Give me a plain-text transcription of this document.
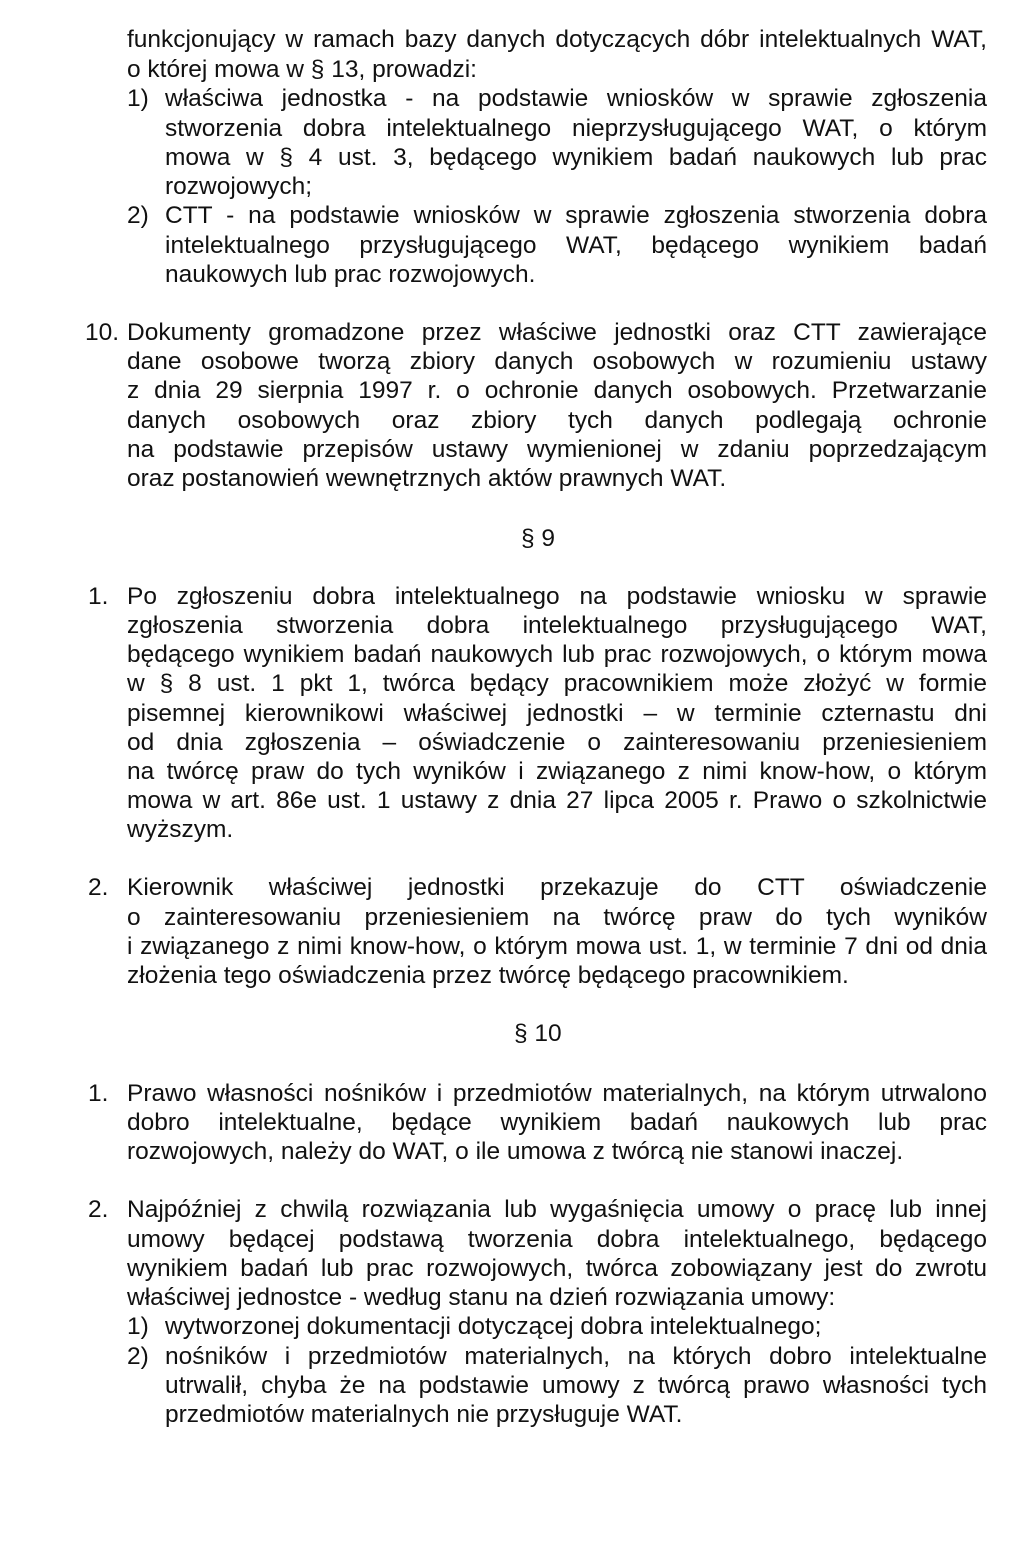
funkcjonujący w ramach bazy danych dotyczących dóbr intelektualnych WAT,
o której mowa w § 13, prowadzi:
1) właściwa jednostka - na podstawie wniosków w sprawie zgłoszenia
stworzenia dobra intelektualnego nieprzysługującego WAT, o którym
mowa w § 4 ust. 3, będącego wynikiem badań naukowych lub prac
rozwojowych;
2) CTT - na podstawie wniosków w sprawie zgłoszenia stworzenia dobra
intelektualnego przysługującego WAT, będącego wynikiem badań
naukowych lub prac rozwojowych.
10. Dokumenty gromadzone przez właściwe jednostki oraz CTT zawierające
dane osobowe tworzą zbiory danych osobowych w rozumieniu ustawy
z dnia 29 sierpnia 1997 r. o ochronie danych osobowych. Przetwarzanie
danych osobowych oraz zbiory tych danych podlegają ochronie
na podstawie przepisów ustawy wymienionej w zdaniu poprzedzającym
oraz postanowień wewnętrznych aktów prawnych WAT.
§ 9
1. Po zgłoszeniu dobra intelektualnego na podstawie wniosku w sprawie
zgłoszenia stworzenia dobra intelektualnego przysługującego WAT,
będącego wynikiem badań naukowych lub prac rozwojowych, o którym mowa
w § 8 ust. 1 pkt 1, twórca będący pracownikiem może złożyć w formie
pisemnej kierownikowi właściwej jednostki – w terminie czternastu dni
od dnia zgłoszenia – oświadczenie o zainteresowaniu przeniesieniem
na twórcę praw do tych wyników i związanego z nimi know-how, o którym
mowa w art. 86e ust. 1 ustawy z dnia 27 lipca 2005 r. Prawo o szkolnictwie
wyższym.
2. Kierownik właściwej jednostki przekazuje do CTT oświadczenie
o zainteresowaniu przeniesieniem na twórcę praw do tych wyników
i związanego z nimi know-how, o którym mowa ust. 1, w terminie 7 dni od dnia
złożenia tego oświadczenia przez twórcę będącego pracownikiem.
§ 10
1. Prawo własności nośników i przedmiotów materialnych, na którym utrwalono
dobro intelektualne, będące wynikiem badań naukowych lub prac
rozwojowych, należy do WAT, o ile umowa z twórcą nie stanowi inaczej.
2. Najpóźniej z chwilą rozwiązania lub wygaśnięcia umowy o pracę lub innej
umowy będącej podstawą tworzenia dobra intelektualnego, będącego
wynikiem badań lub prac rozwojowych, twórca zobowiązany jest do zwrotu
właściwej jednostce - według stanu na dzień rozwiązania umowy:
1) wytworzonej dokumentacji dotyczącej dobra intelektualnego;
2) nośników i przedmiotów materialnych, na których dobro intelektualne
utrwalił, chyba że na podstawie umowy z twórcą prawo własności tych
przedmiotów materialnych nie przysługuje WAT.
